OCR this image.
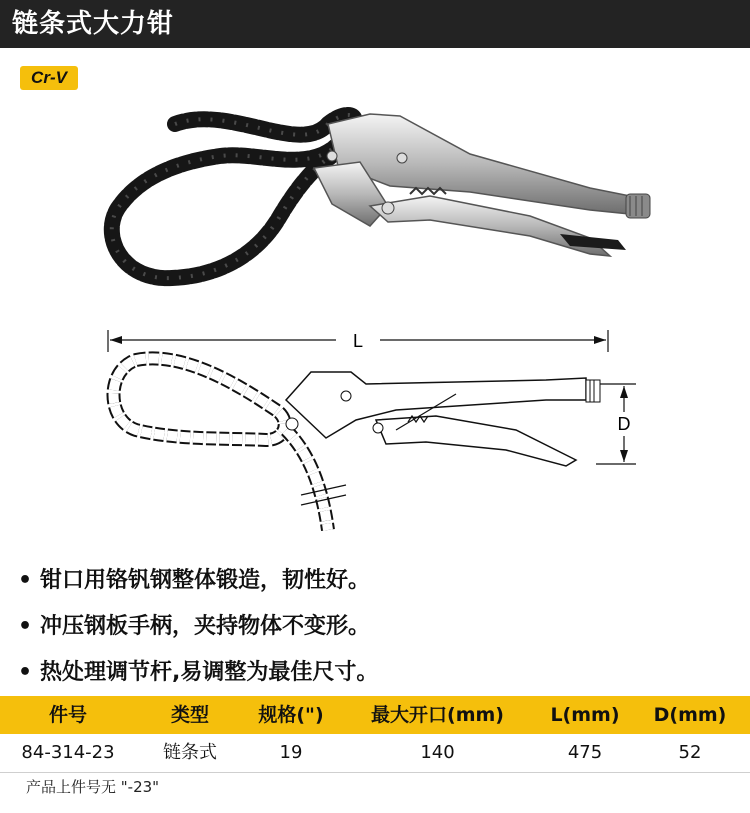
链条式大力钳
Cr-V
L
D
• 钳口用铬钒钢整体锻造，韧性好。
• 冲压钢板手柄，夹持物体不变形。
• 热处理调节杆,易调整为最佳尺寸。
件号	类型	规格(")	最大开口(mm)	L(mm)	D(mm)
84-314-23	链条式	19	140	475	52
产品上件号无 "-23"
